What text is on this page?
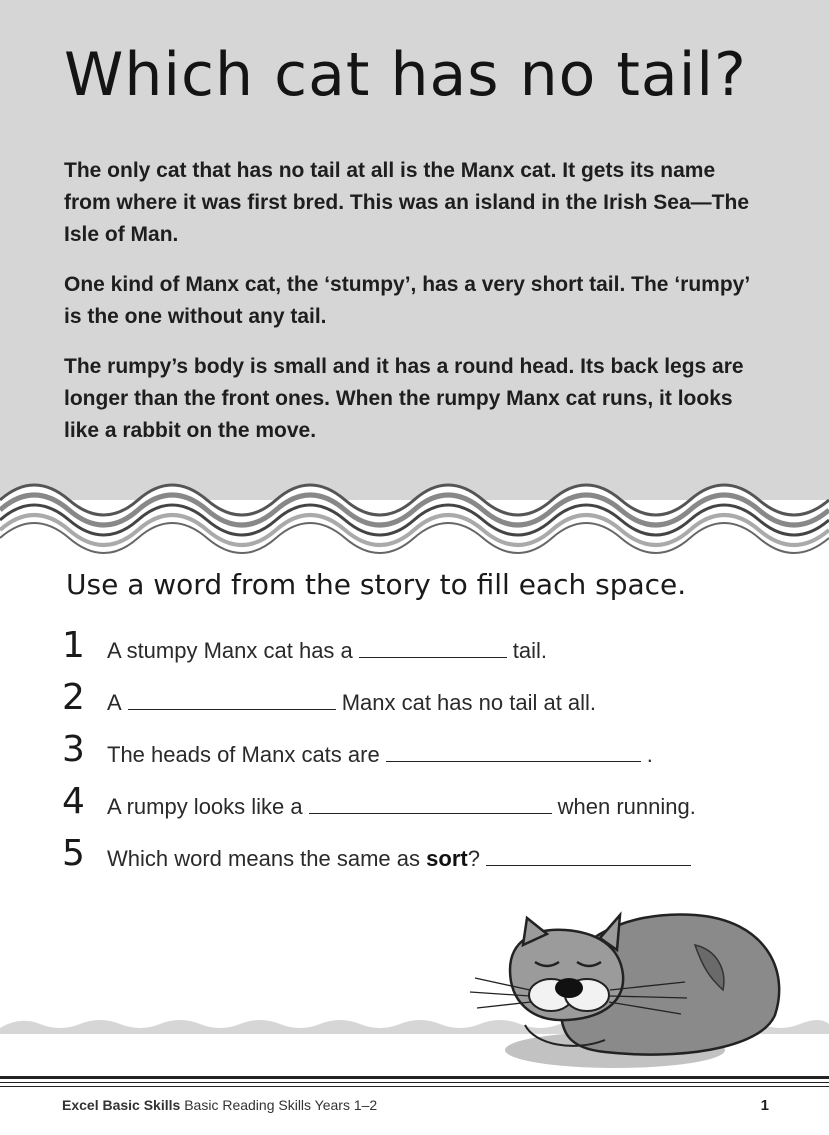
Which cat has no tail?

The only cat that has no tail at all is the Manx cat. It gets its name from where it was first bred. This was an island in the Irish Sea—The Isle of Man.

One kind of Manx cat, the ‘stumpy’, has a very short tail. The ‘rumpy’ is the one without any tail.

The rumpy’s body is small and it has a round head. Its back legs are longer than the front ones. When the rumpy Manx cat runs, it looks like a rabbit on the move.

Use a word from the story to fill each space.
1 A stumpy Manx cat has a	tail.
2 A	Manx cat has no tail at all.
3 The heads of Manx cats are	.
4 A rumpy looks like a	when running.
5 Which word means the same as sort?
Excel Basic Skills Basic Reading Skills Years 1–2	1
